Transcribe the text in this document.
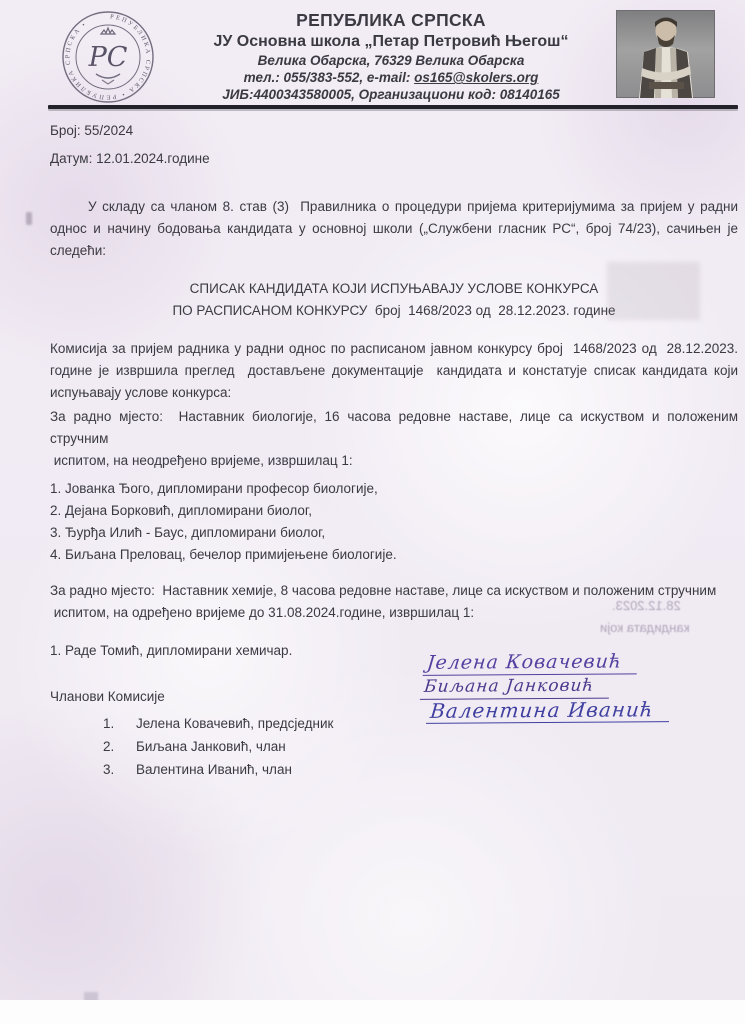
РЕПУБЛИКА СРПСКА • РЕПУБЛИКА СРПСКА •
РС
РЕПУБЛИКА СРПСКА
ЈУ Основна школа „Петар Петровић Његош“
Велика Обарска, 76329 Велика Обарска
тел.: 055/383-552, e-mail: os165@skolers.org
ЈИБ:4400343580005, Организациони код: 08140165
Број: 55/2024
Датум: 12.01.2024.године
У складу са чланом 8. став (3)  Правилника о процедури пријема критеријумима за пријем у радни
однос и начину бодовања кандидата у основној школи („Службени гласник РС“, број 74/23), сачињен је
следећи:
СПИСАК КАНДИДАТА КОЈИ ИСПУЊАВАЈУ УСЛОВЕ КОНКУРСА
ПО РАСПИСАНОМ КОНКУРСУ  број  1468/2023 од  28.12.2023. године
Комисија за пријем радника у радни однос по расписаном јавном конкурсу број  1468/2023 од  28.12.2023.
године је извршила преглед  достављене документације  кандидата и констатује списак кандидата који
испуњавају услове конкурса:
За радно мјесто:  Наставник биологије, 16 часова редовне наставе, лице са искуством и положеним стручним
испитом, на неодређено вријеме, извршилац 1:
1. Јованка Ђого, дипломирани професор биологије,
2. Дејана Борковић, дипломирани биолог,
3. Ђурђа Илић - Баус, дипломирани биолог,
4. Биљана Преловац, бечелор примијењене биологије.
За радно мјесто:  Наставник хемије, 8 часова редовне наставе, лице са искуством и положеним стручним
испитом, на одређено вријеме до 31.08.2024.године, извршилац 1:
1. Раде Томић, дипломирани хемичар.
Чланови Комисије
1.	Јелена Ковачевић, предсједник
2.	Биљана Јанковић, члан
3.	Валентина Иванић, члан
Јелена Ковачевић
Биљана Јанковић
Валентина Иванић
28.12.2023.
кандидата који
